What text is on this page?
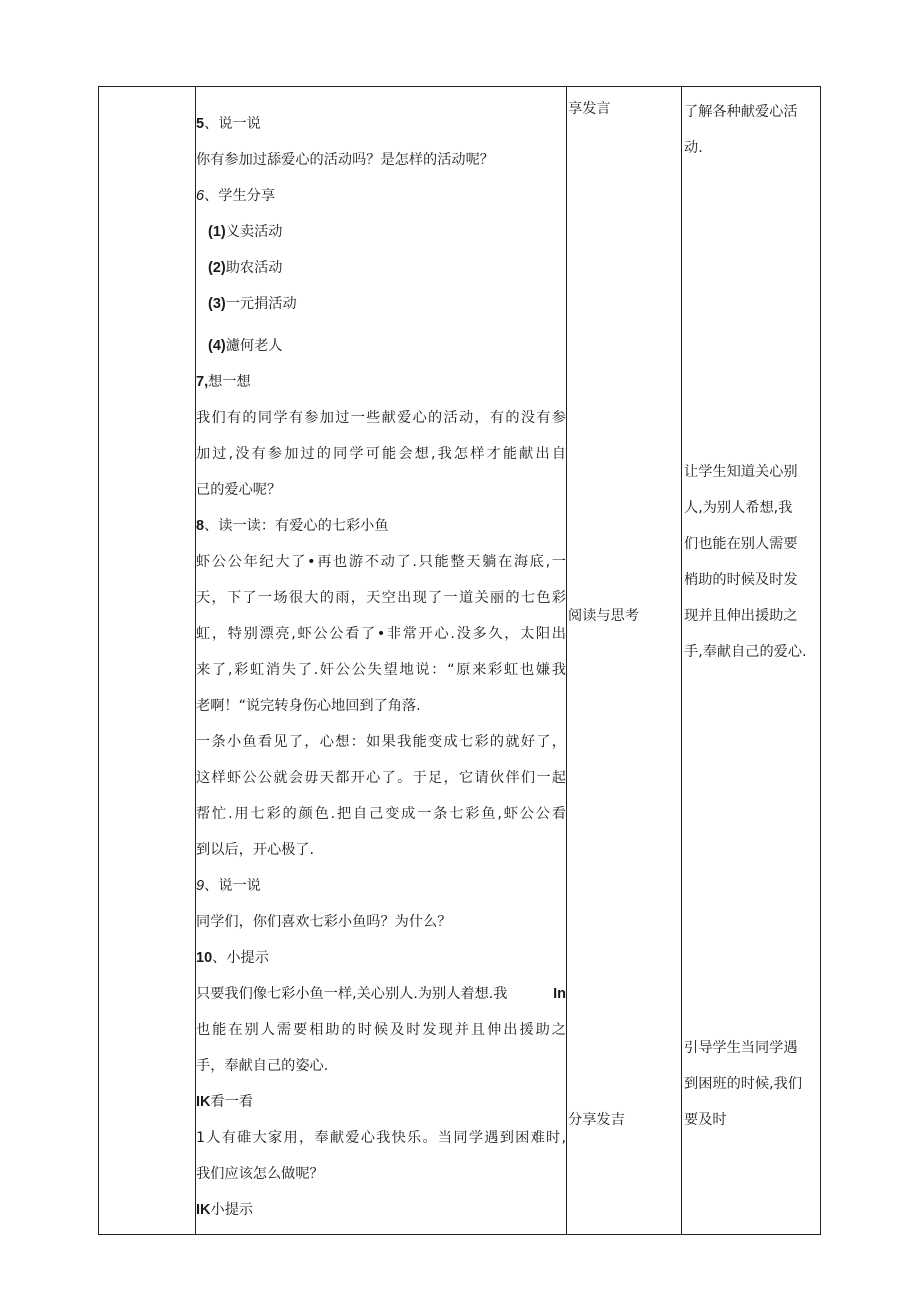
5、说一说
你有参加过舔爱心的活动吗？是怎样的活动呢？
6、学生分享
(1)义卖活动
(2)助农活动
(3)一元捐活动
(4)濾何老人
7,想一想
我们有的同学有参加过一些献爱心的活动，有的没有参
加过,没有参加过的同学可能会想,我怎样才能献出自
己的爱心呢？
8、读一读：有爱心的七彩小鱼
虾公公年纪大了•再也游不动了.只能整天躺在海底,一
天，下了一场很大的雨，天空出现了一道关丽的七色彩
虹，特别漂亮,虾公公看了•非常开心.没多久，太阳出
来了,彩虹消失了.奸公公失望地说：“原来彩虹也嫌我
老啊！“说完转身伤心地回到了角落.
一条小鱼看见了，心想：如果我能变成七彩的就好了，
这样虾公公就会毋天都开心了。于足，它请伙伴们一起
帮忙.用七彩的颜色.把自己变成一条七彩鱼,虾公公看
到以后，开心极了.
9、说一说
同学们，你们喜欢七彩小鱼吗？为什么？
10、小提示
只要我们像七彩小鱼一样,关心别人.为别人着想.我	In
也能在别人需要相助的时候及时发现并且伸出援助之
手，奉献自己的姿心.
IK看一看
1人有碓大家用，奉献爱心我快乐。当同学遇到困难时,
我们应该怎么做呢？
IK小提示
享发言
阅读与思考
分享发吉
了解各种献爱心活
动.
让学生知道关心别
人,为别人希想,我
们也能在别人需要
梢助的时候及时发
现并且伸出援助之
手,奉献自己的爱心.
引导学生当同学遇
到困班的时候,我们
要及时
